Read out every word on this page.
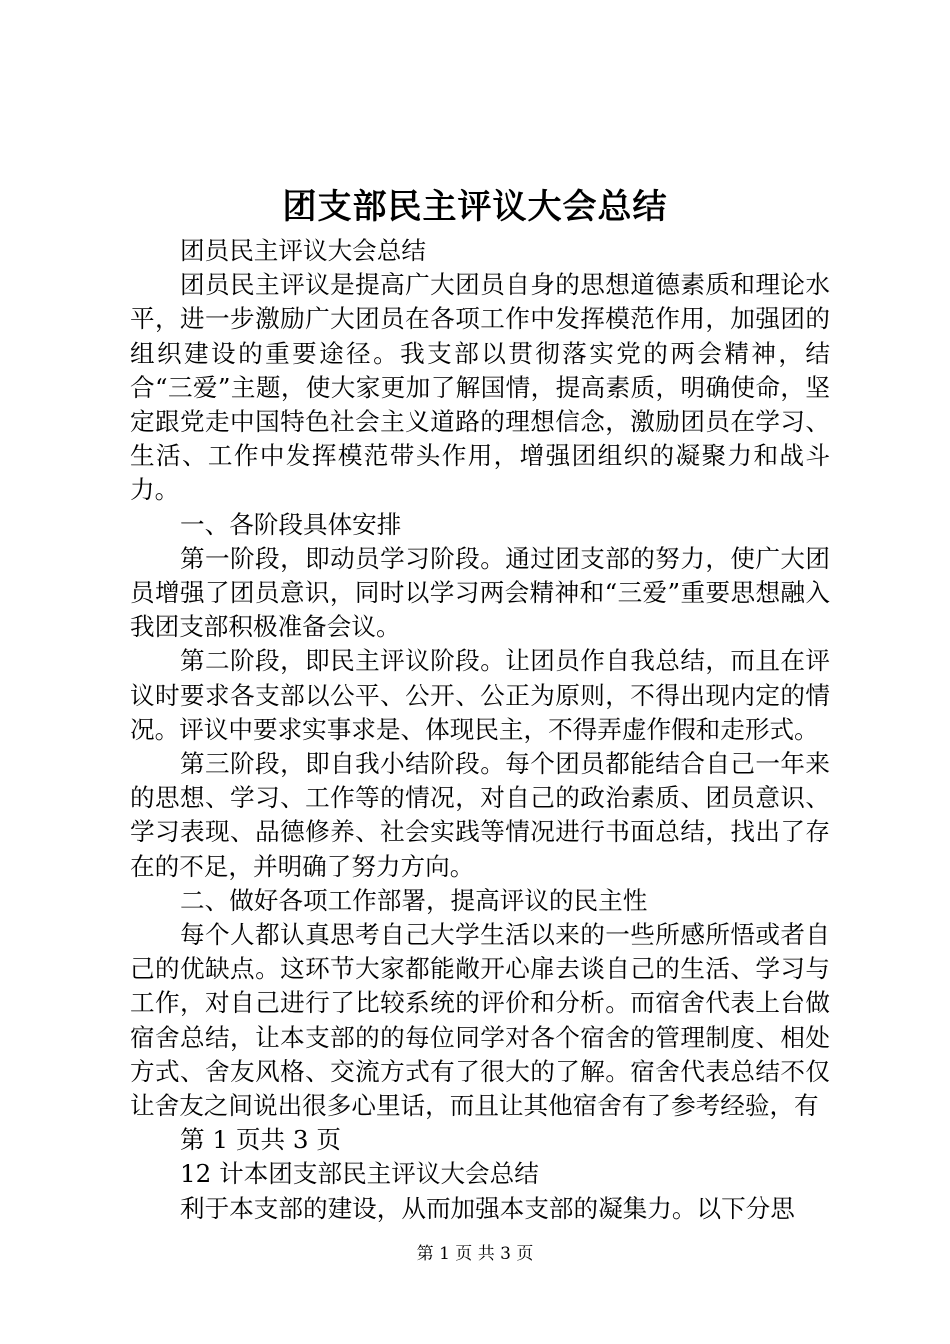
团支部民主评议大会总结

团员民主评议大会总结

团员民主评议是提高广大团员自身的思想道德素质和理论水平，进一步激励广大团员在各项工作中发挥模范作用，加强团的组织建设的重要途径。我支部以贯彻落实党的两会精神，结合“三爱”主题，使大家更加了解国情，提高素质，明确使命，坚定跟党走中国特色社会主义道路的理想信念，激励团员在学习、生活、工作中发挥模范带头作用，增强团组织的凝聚力和战斗力。

一、各阶段具体安排

第一阶段，即动员学习阶段。通过团支部的努力，使广大团员增强了团员意识，同时以学习两会精神和“三爱”重要思想融入我团支部积极准备会议。

第二阶段，即民主评议阶段。让团员作自我总结，而且在评议时要求各支部以公平、公开、公正为原则，不得出现内定的情况。评议中要求实事求是、体现民主，不得弄虚作假和走形式。

第三阶段，即自我小结阶段。每个团员都能结合自己一年来的思想、学习、工作等的情况，对自己的政治素质、团员意识、学习表现、品德修养、社会实践等情况进行书面总结，找出了存在的不足，并明确了努力方向。

二、做好各项工作部署，提高评议的民主性

每个人都认真思考自己大学生活以来的一些所感所悟或者自己的优缺点。这环节大家都能敞开心扉去谈自己的生活、学习与工作，对自己进行了比较系统的评价和分析。而宿舍代表上台做宿舍总结，让本支部的的每位同学对各个宿舍的管理制度、相处方式、舍友风格、交流方式有了很大的了解。宿舍代表总结不仅让舍友之间说出很多心里话，而且让其他宿舍有了参考经验，有

第 1 页共 3 页

12 计本团支部民主评议大会总结

利于本支部的建设，从而加强本支部的凝集力。以下分思

第 1 页 共 3 页
